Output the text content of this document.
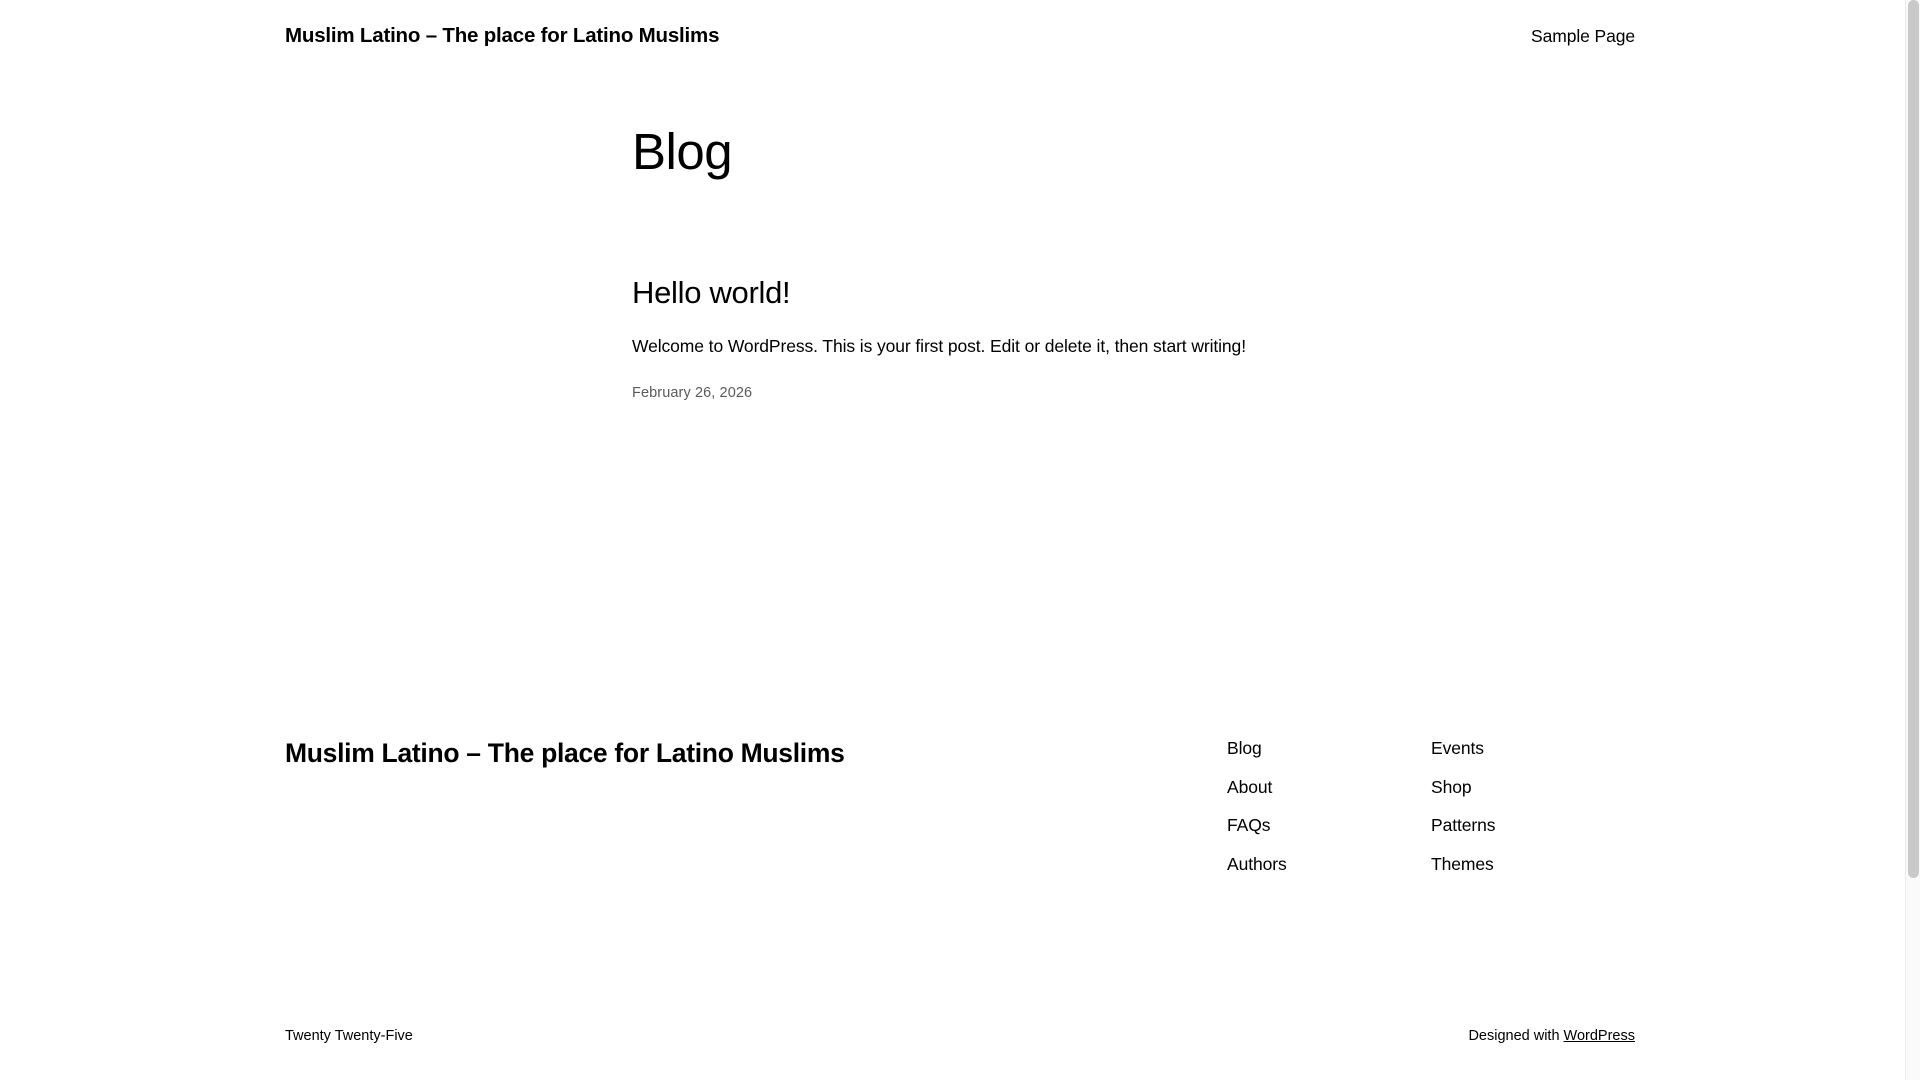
Muslim Latino – The place for Latino Muslims	Sample Page
Blog
Hello world!

Welcome to WordPress. This is your first post. Edit or delete it, then start writing!

February 26, 2026
Muslim Latino – The place for Latino Muslims	Blog
About
FAQs
Authors
Events
Shop
Patterns
Themes
Twenty Twenty-Five	Designed with WordPress
